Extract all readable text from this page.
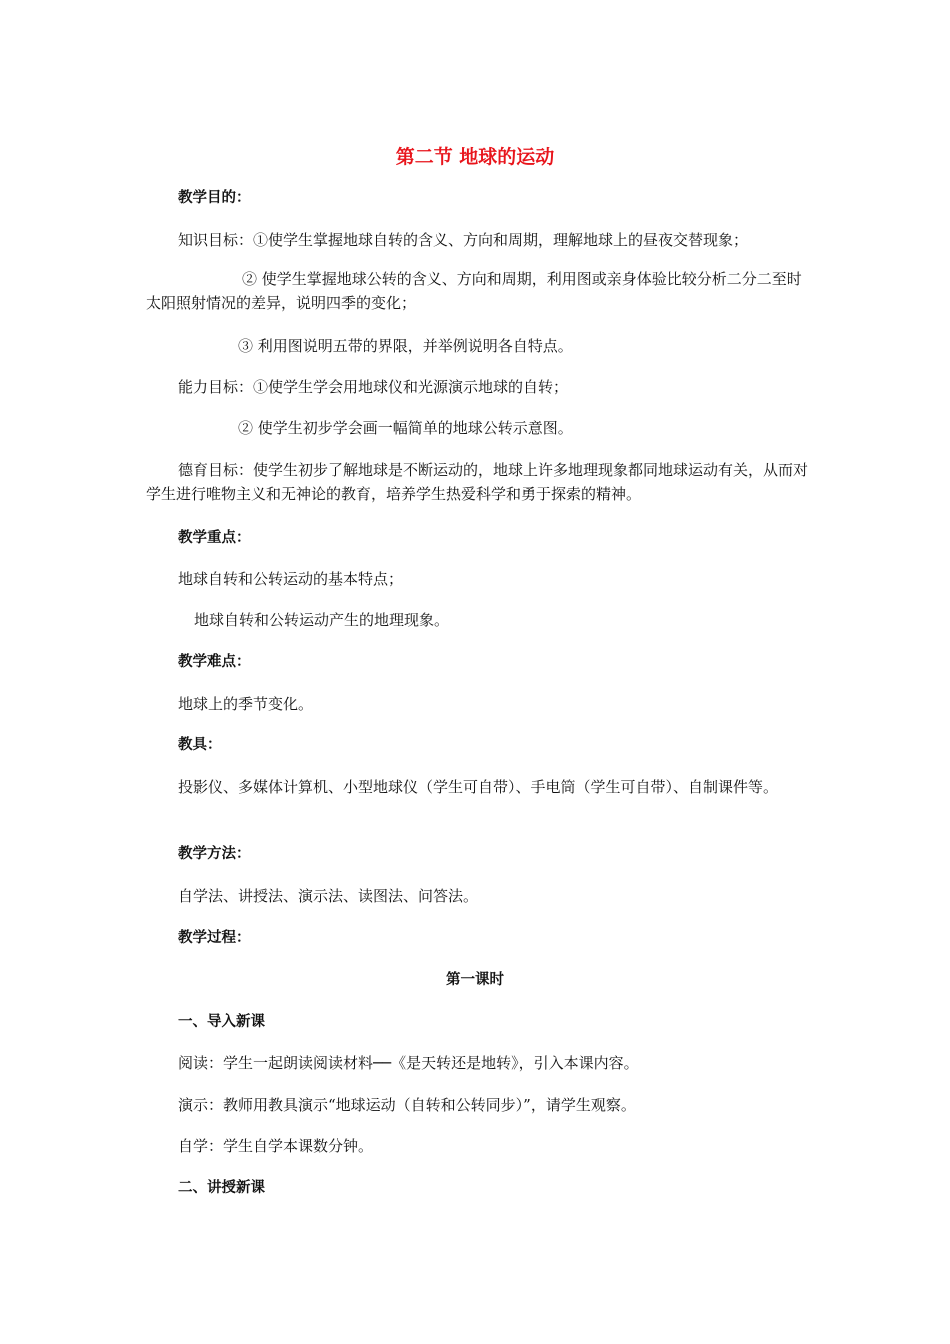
第二节 地球的运动
教学目的：
知识目标：①使学生掌握地球自转的含义、方向和周期，理解地球上的昼夜交替现象；
② 使学生掌握地球公转的含义、方向和周期，利用图或亲身体验比较分析二分二至时太阳照射情况的差异，说明四季的变化；
③ 利用图说明五带的界限，并举例说明各自特点。
能力目标：①使学生学会用地球仪和光源演示地球的自转；
② 使学生初步学会画一幅简单的地球公转示意图。
德育目标：使学生初步了解地球是不断运动的，地球上许多地理现象都同地球运动有关，从而对学生进行唯物主义和无神论的教育，培养学生热爱科学和勇于探索的精神。
教学重点：
地球自转和公转运动的基本特点；
地球自转和公转运动产生的地理现象。
教学难点：
地球上的季节变化。
教具：
投影仪、多媒体计算机、小型地球仪（学生可自带）、手电筒（学生可自带）、自制课件等。
教学方法：
自学法、讲授法、演示法、读图法、问答法。
教学过程：
第一课时
一、导入新课
阅读：学生一起朗读阅读材料──《是天转还是地转》，引入本课内容。
演示：教师用教具演示“地球运动（自转和公转同步）”，请学生观察。
自学：学生自学本课数分钟。
二、讲授新课
